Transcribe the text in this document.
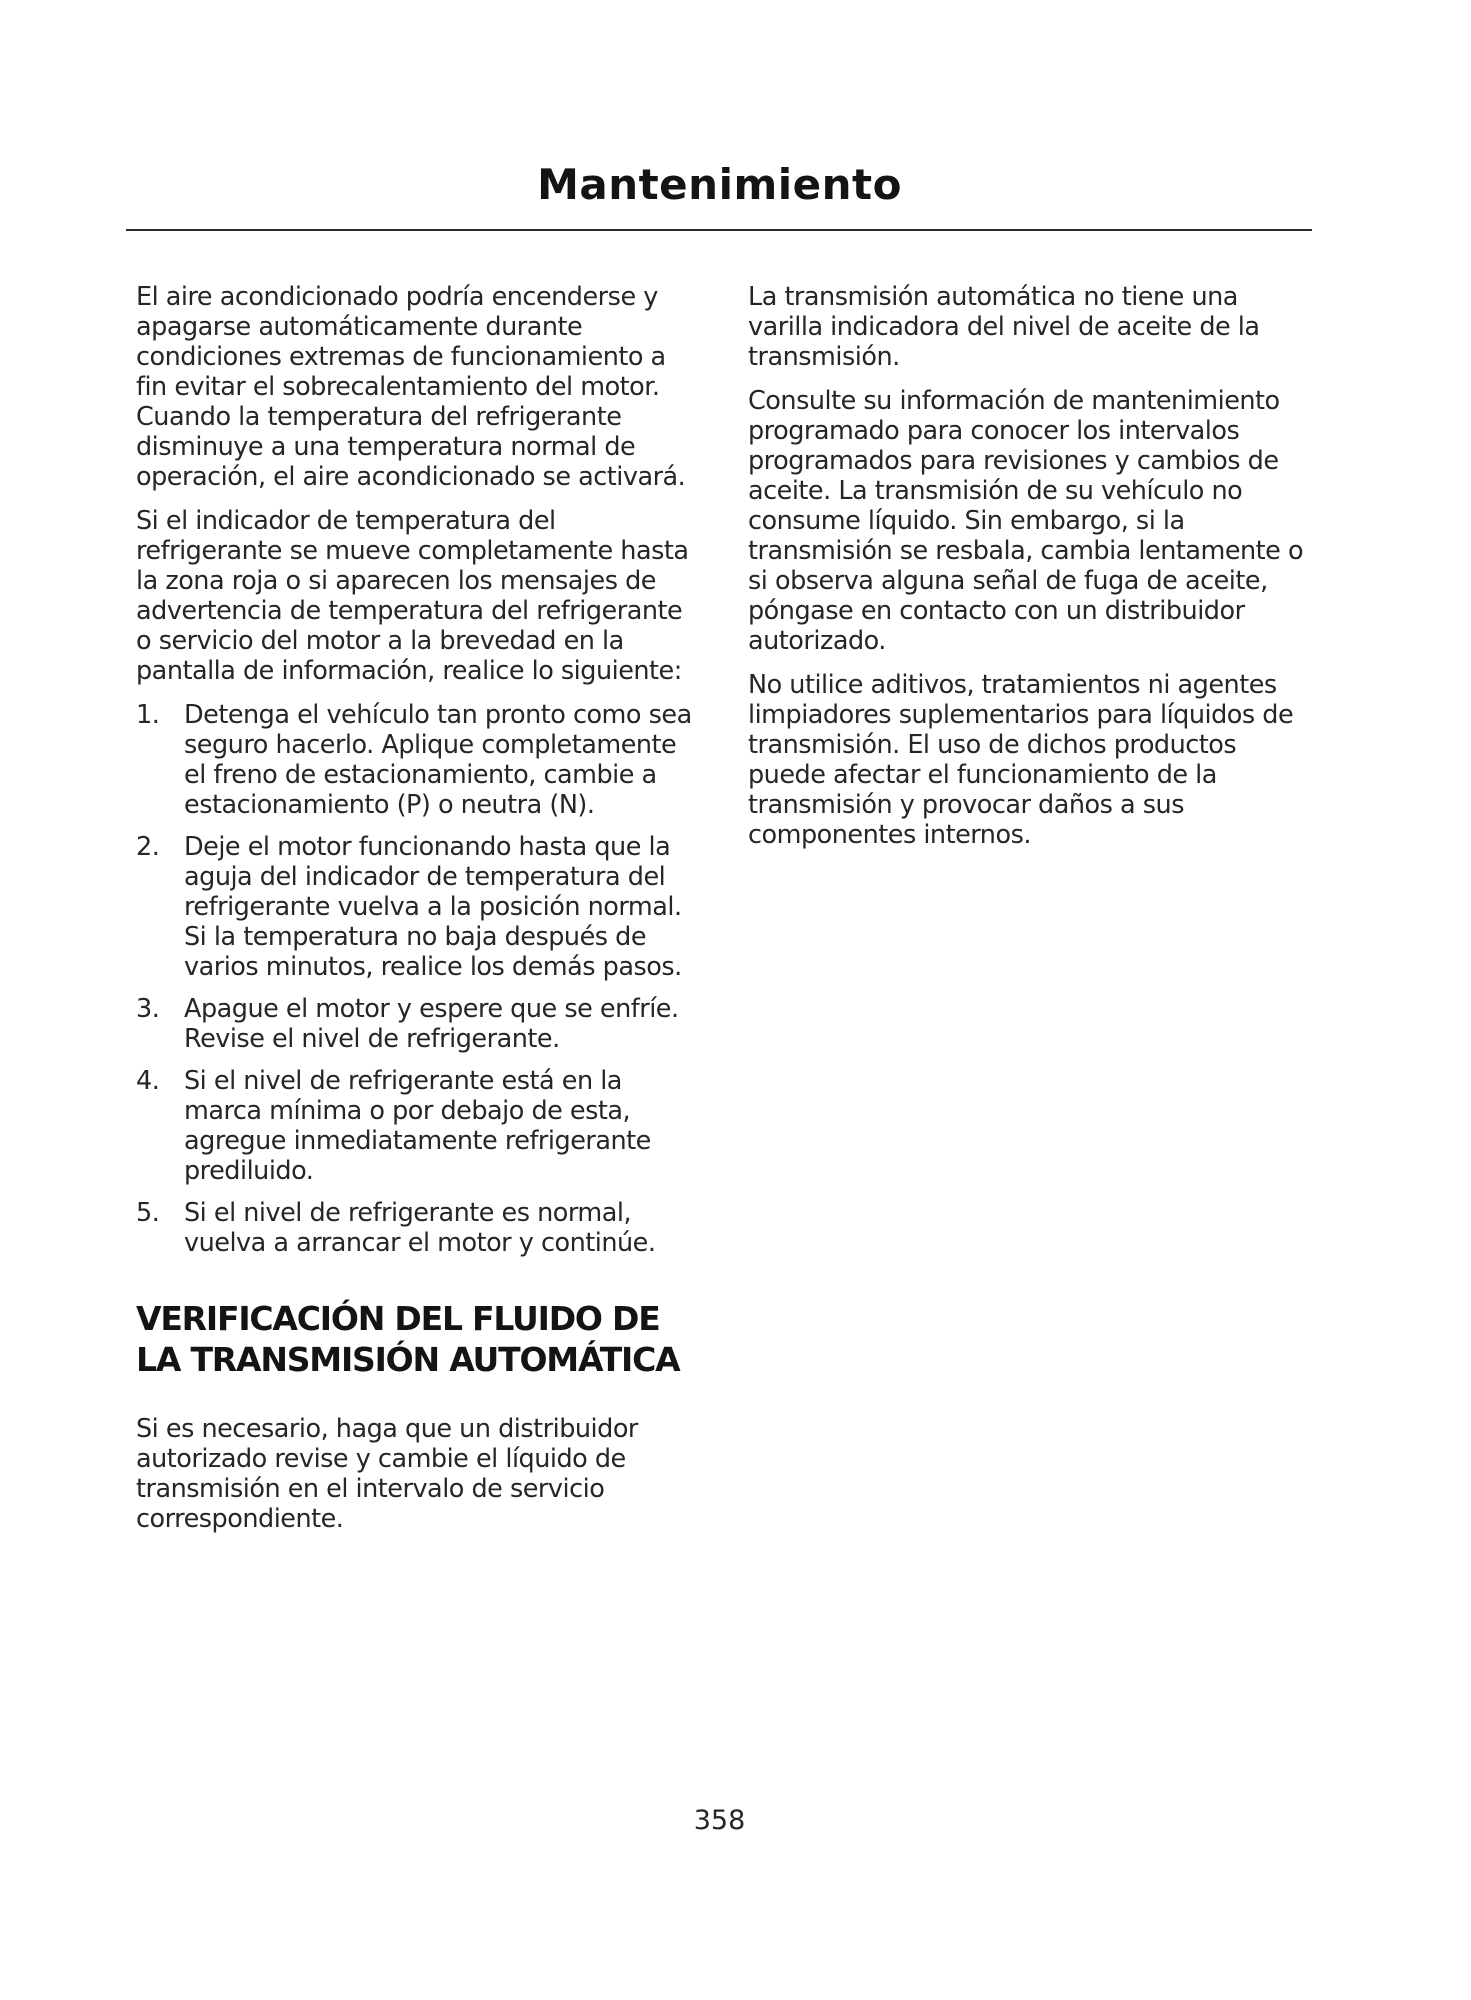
Mantenimiento

El aire acondicionado podría encenderse y apagarse automáticamente durante condiciones extremas de funcionamiento a fin evitar el sobrecalentamiento del motor. Cuando la temperatura del refrigerante disminuye a una temperatura normal de operación, el aire acondicionado se activará.

Si el indicador de temperatura del refrigerante se mueve completamente hasta la zona roja o si aparecen los mensajes de advertencia de temperatura del refrigerante o servicio del motor a la brevedad en la pantalla de información, realice lo siguiente:

1. Detenga el vehículo tan pronto como sea seguro hacerlo. Aplique completamente el freno de estacionamiento, cambie a estacionamiento (P) o neutra (N).
2. Deje el motor funcionando hasta que la aguja del indicador de temperatura del refrigerante vuelva a la posición normal. Si la temperatura no baja después de varios minutos, realice los demás pasos.
3. Apague el motor y espere que se enfríe. Revise el nivel de refrigerante.
4. Si el nivel de refrigerante está en la marca mínima o por debajo de esta, agregue inmediatamente refrigerante prediluido.
5. Si el nivel de refrigerante es normal, vuelva a arrancar el motor y continúe.
VERIFICACIÓN DEL FLUIDO DE LA TRANSMISIÓN AUTOMÁTICA

Si es necesario, haga que un distribuidor autorizado revise y cambie el líquido de transmisión en el intervalo de servicio correspondiente.

La transmisión automática no tiene una varilla indicadora del nivel de aceite de la transmisión.

Consulte su información de mantenimiento programado para conocer los intervalos programados para revisiones y cambios de aceite. La transmisión de su vehículo no consume líquido. Sin embargo, si la transmisión se resbala, cambia lentamente o si observa alguna señal de fuga de aceite, póngase en contacto con un distribuidor autorizado.

No utilice aditivos, tratamientos ni agentes limpiadores suplementarios para líquidos de transmisión. El uso de dichos productos puede afectar el funcionamiento de la transmisión y provocar daños a sus componentes internos.

358
